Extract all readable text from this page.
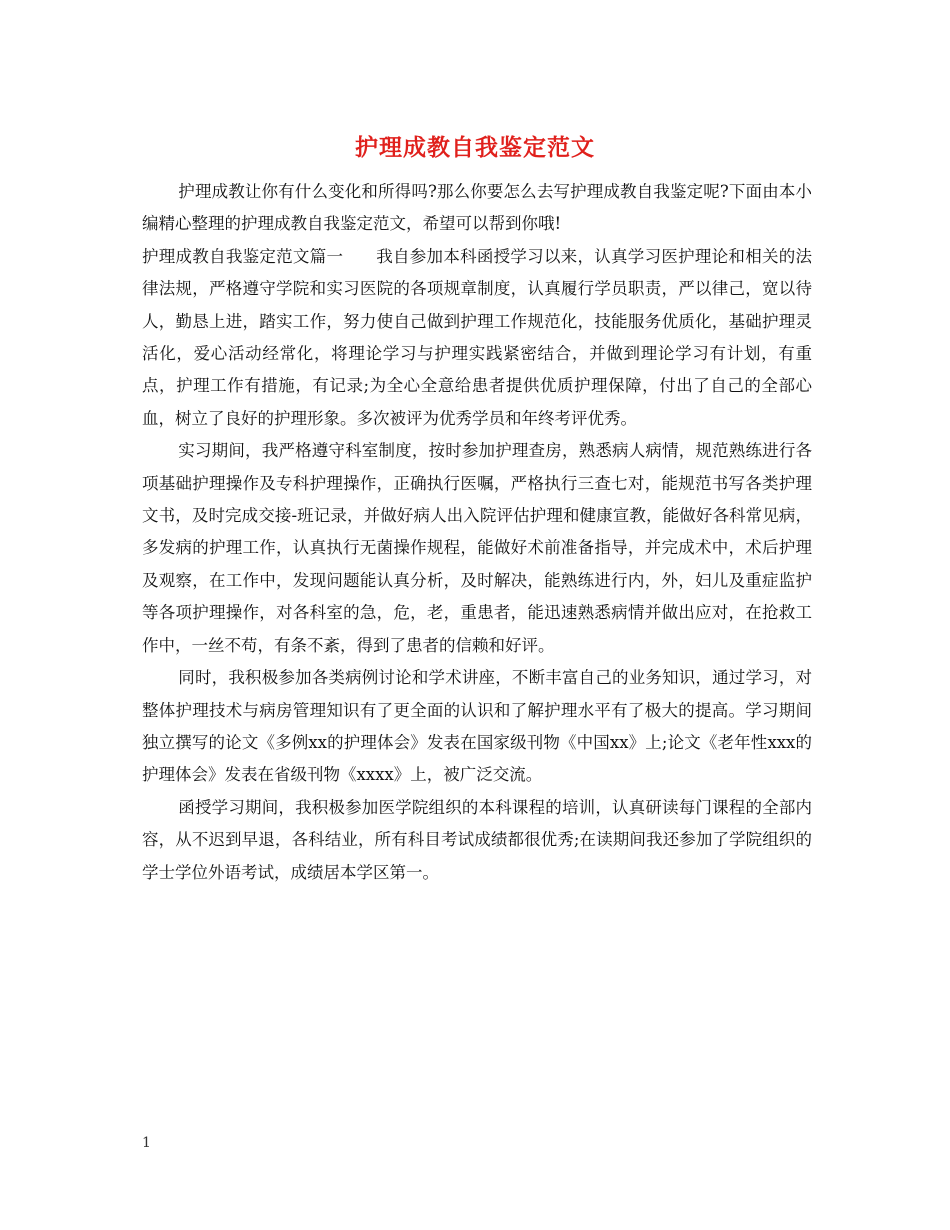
护理成教自我鉴定范文

护理成教让你有什么变化和所得吗?那么你要怎么去写护理成教自我鉴定呢?下面由本小编精心整理的护理成教自我鉴定范文，希望可以帮到你哦!

护理成教自我鉴定范文篇一 我自参加本科函授学习以来，认真学习医护理论和相关的法律法规，严格遵守学院和实习医院的各项规章制度，认真履行学员职责，严以律己，宽以待人，勤恳上进，踏实工作，努力使自己做到护理工作规范化，技能服务优质化，基础护理灵活化，爱心活动经常化，将理论学习与护理实践紧密结合，并做到理论学习有计划，有重点，护理工作有措施，有记录;为全心全意给患者提供优质护理保障，付出了自己的全部心血，树立了良好的护理形象。多次被评为优秀学员和年终考评优秀。

实习期间，我严格遵守科室制度，按时参加护理查房，熟悉病人病情，规范熟练进行各项基础护理操作及专科护理操作，正确执行医嘱，严格执行三查七对，能规范书写各类护理文书，及时完成交接-班记录，并做好病人出入院评估护理和健康宣教，能做好各科常见病，多发病的护理工作，认真执行无菌操作规程，能做好术前准备指导，并完成术中，术后护理及观察，在工作中，发现问题能认真分析，及时解决，能熟练进行内，外，妇儿及重症监护等各项护理操作，对各科室的急，危，老，重患者，能迅速熟悉病情并做出应对，在抢救工作中，一丝不苟，有条不紊，得到了患者的信赖和好评。

同时，我积极参加各类病例讨论和学术讲座，不断丰富自己的业务知识，通过学习，对整体护理技术与病房管理知识有了更全面的认识和了解护理水平有了极大的提高。学习期间独立撰写的论文《多例xx的护理体会》发表在国家级刊物《中国xx》上;论文《老年性xxx的护理体会》发表在省级刊物《xxxx》上，被广泛交流。

函授学习期间，我积极参加医学院组织的本科课程的培训，认真研读每门课程的全部内容，从不迟到早退，各科结业，所有科目考试成绩都很优秀;在读期间我还参加了学院组织的学士学位外语考试，成绩居本学区第一。

1
